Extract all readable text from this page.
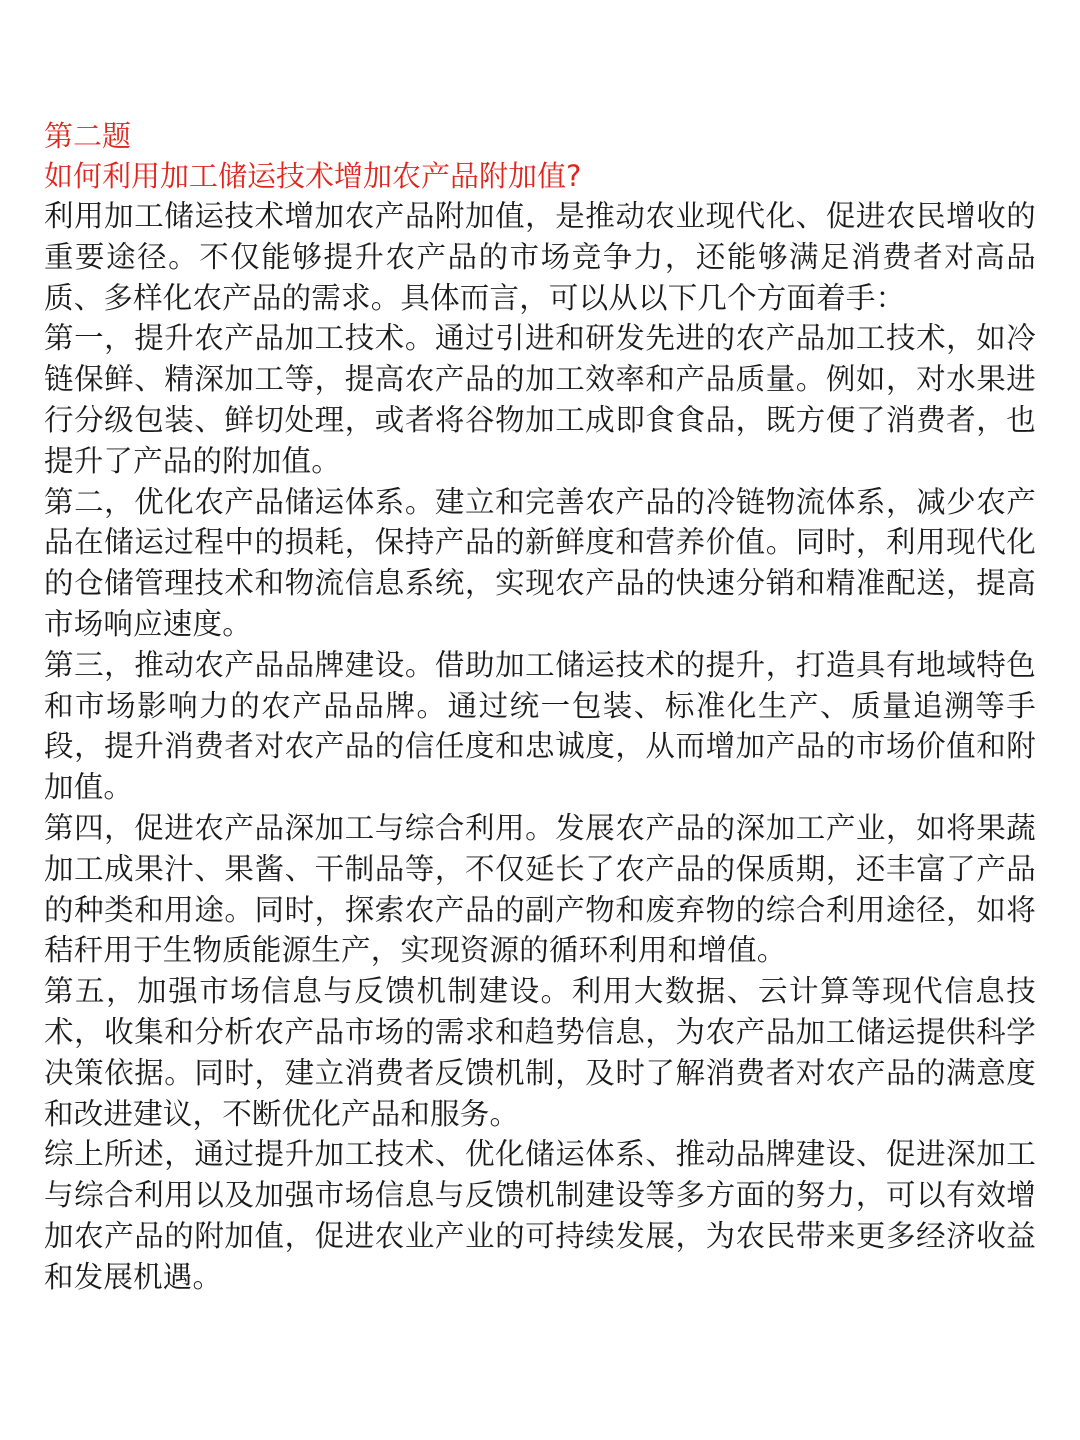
第二题
如何利用加工储运技术增加农产品附加值?

利用加工储运技术增加农产品附加值，是推动农业现代化、促进农民增收的重要途径。不仅能够提升农产品的市场竞争力，还能够满足消费者对高品质、多样化农产品的需求。具体而言，可以从以下几个方面着手：

第一，提升农产品加工技术。通过引进和研发先进的农产品加工技术，如冷链保鲜、精深加工等，提高农产品的加工效率和产品质量。例如，对水果进行分级包装、鲜切处理，或者将谷物加工成即食食品，既方便了消费者，也提升了产品的附加值。

第二，优化农产品储运体系。建立和完善农产品的冷链物流体系，减少农产品在储运过程中的损耗，保持产品的新鲜度和营养价值。同时，利用现代化的仓储管理技术和物流信息系统，实现农产品的快速分销和精准配送，提高市场响应速度。

第三，推动农产品品牌建设。借助加工储运技术的提升，打造具有地域特色和市场影响力的农产品品牌。通过统一包装、标准化生产、质量追溯等手段，提升消费者对农产品的信任度和忠诚度，从而增加产品的市场价值和附加值。

第四，促进农产品深加工与综合利用。发展农产品的深加工产业，如将果蔬加工成果汁、果酱、干制品等，不仅延长了农产品的保质期，还丰富了产品的种类和用途。同时，探索农产品的副产物和废弃物的综合利用途径，如将秸秆用于生物质能源生产，实现资源的循环利用和增值。

第五，加强市场信息与反馈机制建设。利用大数据、云计算等现代信息技术，收集和分析农产品市场的需求和趋势信息，为农产品加工储运提供科学决策依据。同时，建立消费者反馈机制，及时了解消费者对农产品的满意度和改进建议，不断优化产品和服务。

综上所述，通过提升加工技术、优化储运体系、推动品牌建设、促进深加工与综合利用以及加强市场信息与反馈机制建设等多方面的努力，可以有效增加农产品的附加值，促进农业产业的可持续发展，为农民带来更多经济收益和发展机遇。
